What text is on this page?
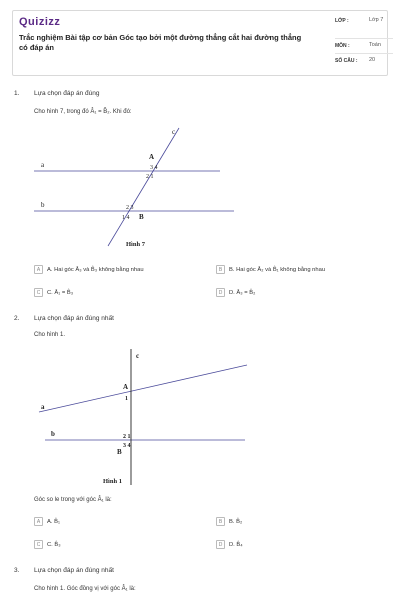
Quizizz
Trắc nghiệm Bài tập cơ bản Góc tạo bởi một đường thẳng cắt hai đường thẳng có đáp án
LỚP :	Lớp 7
MÔN :	Toán
SỐ CÂU : 20
1. Lựa chọn đáp án đúng
Cho hình 7, trong đó Â₁ = B̂₂. Khi đó:
a
b
c
A
3 4
2 1
2 3
1 4 B
Hình 7
A	A. Hai góc Â₃ và B̂₃ không bằng nhau	B	B. Hai góc Â₂ và B̂₁ không bằng nhau
C	C. Â₁ = B̂₃	D	D. Â₃ = B̂₂
2. Lựa chọn đáp án đúng nhất
Cho hình 1.
a
b
c
A
1
2 1
3 4
B
Hình 1
Góc so le trong với góc Â₁ là:
A	A. B̂₁	B	B. B̂₂
C	C. B̂₃	D	D. B̂₄
3. Lựa chọn đáp án đúng nhất
Cho hình 1. Góc đồng vị với góc Â₁ là:
